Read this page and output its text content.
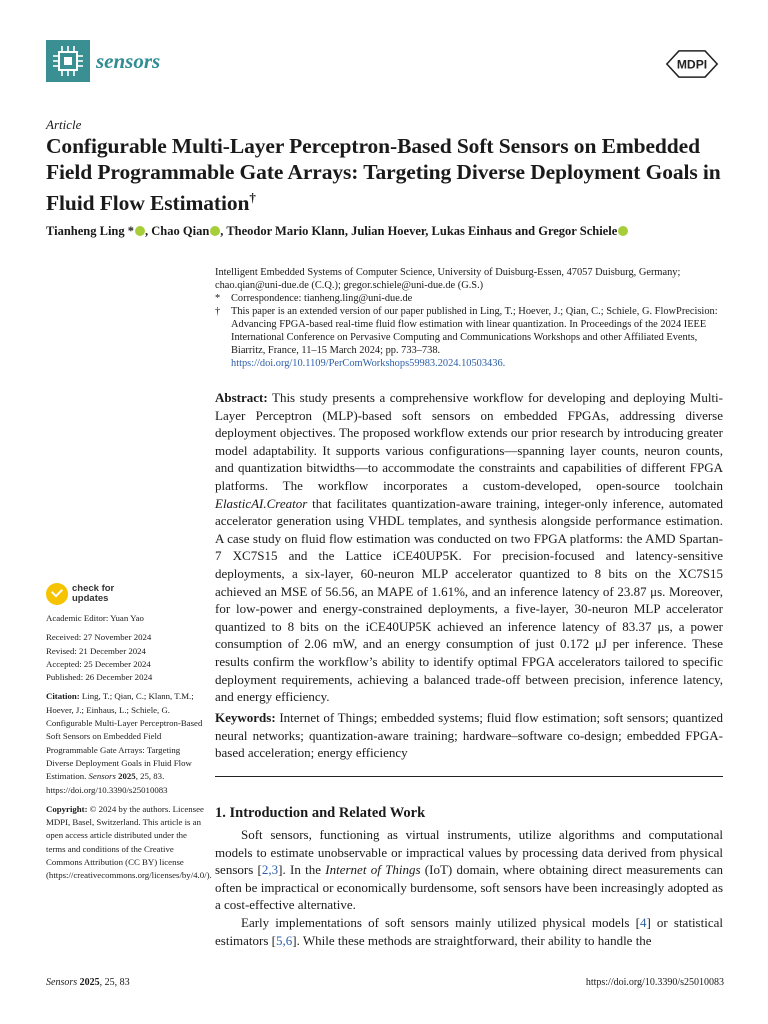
sensors	MDPI
Article
Configurable Multi-Layer Perceptron-Based Soft Sensors on Embedded Field Programmable Gate Arrays: Targeting Diverse Deployment Goals in Fluid Flow Estimation†
Tianheng Ling * , Chao Qian , Theodor Mario Klann, Julian Hoever, Lukas Einhaus and Gregor Schiele
Intelligent Embedded Systems of Computer Science, University of Duisburg-Essen, 47057 Duisburg, Germany;
chao.qian@uni-due.de (C.Q.); gregor.schiele@uni-due.de (G.S.)
* Correspondence: tianheng.ling@uni-due.de
† This paper is an extended version of our paper published in Ling, T.; Hoever, J.; Qian, C.; Schiele, G. FlowPrecision: Advancing FPGA-based real-time fluid flow estimation with linear quantization. In Proceedings of the 2024 IEEE International Conference on Pervasive Computing and Communications Workshops and other Affiliated Events, Biarritz, France, 11–15 March 2024; pp. 733–738.
https://doi.org/10.1109/PerComWorkshops59983.2024.10503436.
Abstract: This study presents a comprehensive workflow for developing and deploying Multi-Layer Perceptron (MLP)-based soft sensors on embedded FPGAs, addressing diverse deployment objectives. The proposed workflow extends our prior research by introducing greater model adaptability. It supports various configurations—spanning layer counts, neuron counts, and quantization bitwidths—to accommodate the constraints and capabilities of different FPGA platforms. The workflow incorporates a custom-developed, open-source toolchain ElasticAI.Creator that facilitates quantization-aware training, integer-only inference, automated accelerator generation using VHDL templates, and synthesis alongside performance estimation. A case study on fluid flow estimation was conducted on two FPGA platforms: the AMD Spartan-7 XC7S15 and the Lattice iCE40UP5K. For precision-focused and latency-sensitive deployments, a six-layer, 60-neuron MLP accelerator quantized to 8 bits on the XC7S15 achieved an MSE of 56.56, an MAPE of 1.61%, and an inference latency of 23.87 μs. Moreover, for low-power and energy-constrained deployments, a five-layer, 30-neuron MLP accelerator quantized to 8 bits on the iCE40UP5K achieved an inference latency of 83.37 μs, a power consumption of 2.06 mW, and an energy consumption of just 0.172 μJ per inference. These results confirm the workflow’s ability to identify optimal FPGA accelerators tailored to specific deployment requirements, achieving a balanced trade-off between precision, inference latency, and energy efficiency.
Keywords: Internet of Things; embedded systems; fluid flow estimation; soft sensors; quantized neural networks; quantization-aware training; hardware–software co-design; embedded FPGA-based acceleration; energy efficiency
1. Introduction and Related Work

Soft sensors, functioning as virtual instruments, utilize algorithms and computational models to estimate unobservable or impractical values by processing data derived from physical sensors [2,3]. In the Internet of Things (IoT) domain, where obtaining direct measurements can often be impractical or economically burdensome, soft sensors have been increasingly adopted as a cost-effective alternative.

Early implementations of soft sensors mainly utilized physical models [4] or statistical estimators [5,6]. While these methods are straightforward, their ability to handle the

check for
updates

Academic Editor: Yuan Yao

Received: 27 November 2024

Revised: 21 December 2024

Accepted: 25 December 2024

Published: 26 December 2024

Citation: Ling, T.; Qian, C.; Klann, T.M.; Hoever, J.; Einhaus, L.; Schiele, G. Configurable Multi-Layer Perceptron-Based Soft Sensors on Embedded Field Programmable Gate Arrays: Targeting Diverse Deployment Goals in Fluid Flow Estimation. Sensors 2025, 25, 83. https://doi.org/10.3390/s25010083

Copyright: © 2024 by the authors. Licensee MDPI, Basel, Switzerland. This article is an open access article distributed under the terms and conditions of the Creative Commons Attribution (CC BY) license (https://creativecommons.org/licenses/by/4.0/).

Sensors 2025, 25, 83	https://doi.org/10.3390/s25010083
